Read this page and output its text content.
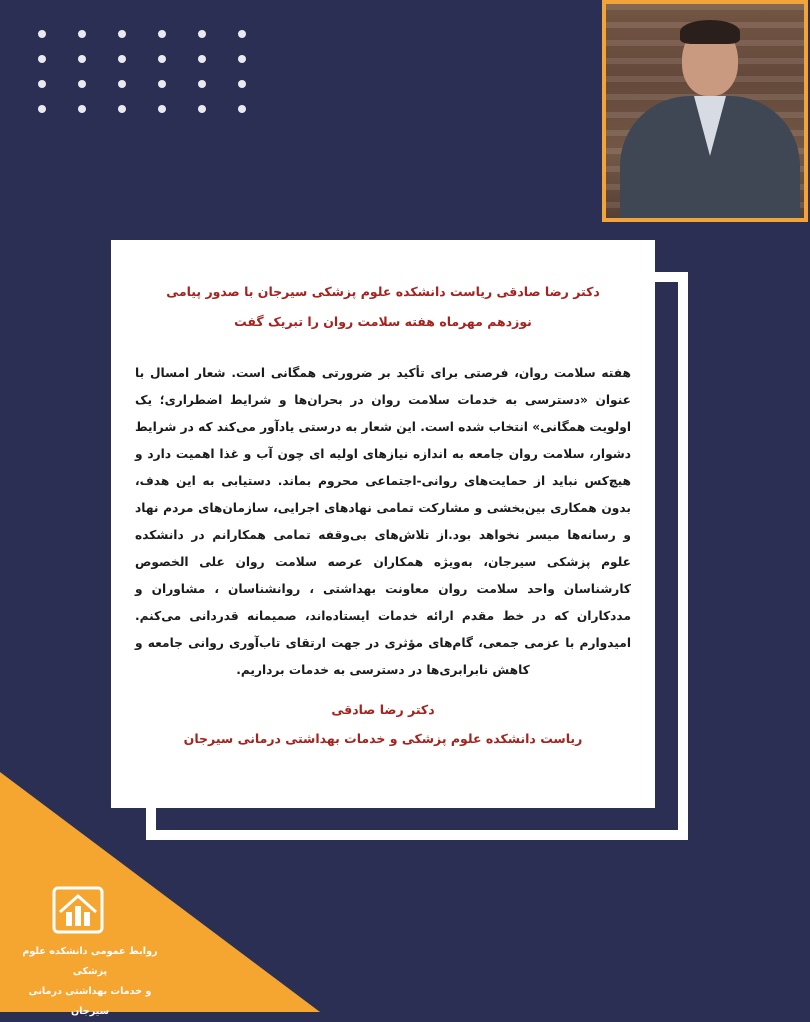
دکتر رضا صادقی ریاست دانشکده علوم پزشکی سیرجان با صدور پیامی

نوزدهم مهرماه هفته سلامت روان را تبریک گفت

هفته سلامت روان، فرصتی برای تأکید بر ضرورتی همگانی است. شعار امسال با عنوان «دسترسی به خدمات سلامت روان در بحران‌ها و شرایط اضطراری؛ یک اولویت همگانی» انتخاب شده است. این شعار به درستی یادآور می‌کند که در شرایط دشوار، سلامت روان جامعه به اندازه نیازهای اولیه ای چون آب و غذا اهمیت دارد و هیچ‌کس نباید از حمایت‌های روانی-اجتماعی محروم بماند. دستیابی به این هدف، بدون همکاری بین‌بخشی و مشارکت تمامی نهادهای اجرایی، سازمان‌های مردم نهاد و رسانه‌ها میسر نخواهد بود.از تلاش‌های بی‌وقفه تمامی همکارانم در دانشکده علوم پزشکی سیرجان، به‌ویژه همکاران عرصه سلامت روان علی الخصوص کارشناسان واحد سلامت روان معاونت بهداشتی ، روانشناسان ، مشاوران و مددکاران که در خط مقدم ارائه خدمات ایستاده‌اند، صمیمانه قدردانی می‌کنم. امیدوارم با عزمی جمعی، گام‌های مؤثری در جهت ارتقای تاب‌آوری روانی جامعه و کاهش نابرابری‌ها در دسترسی به خدمات برداریم.
دکتر رضا صادقی
ریاست دانشکده علوم پزشکی و خدمات بهداشتی درمانی سیرجان
روابط عمومی دانشکده علوم پزشکی
و خدمات بهداشتی درمانی سیرجان
